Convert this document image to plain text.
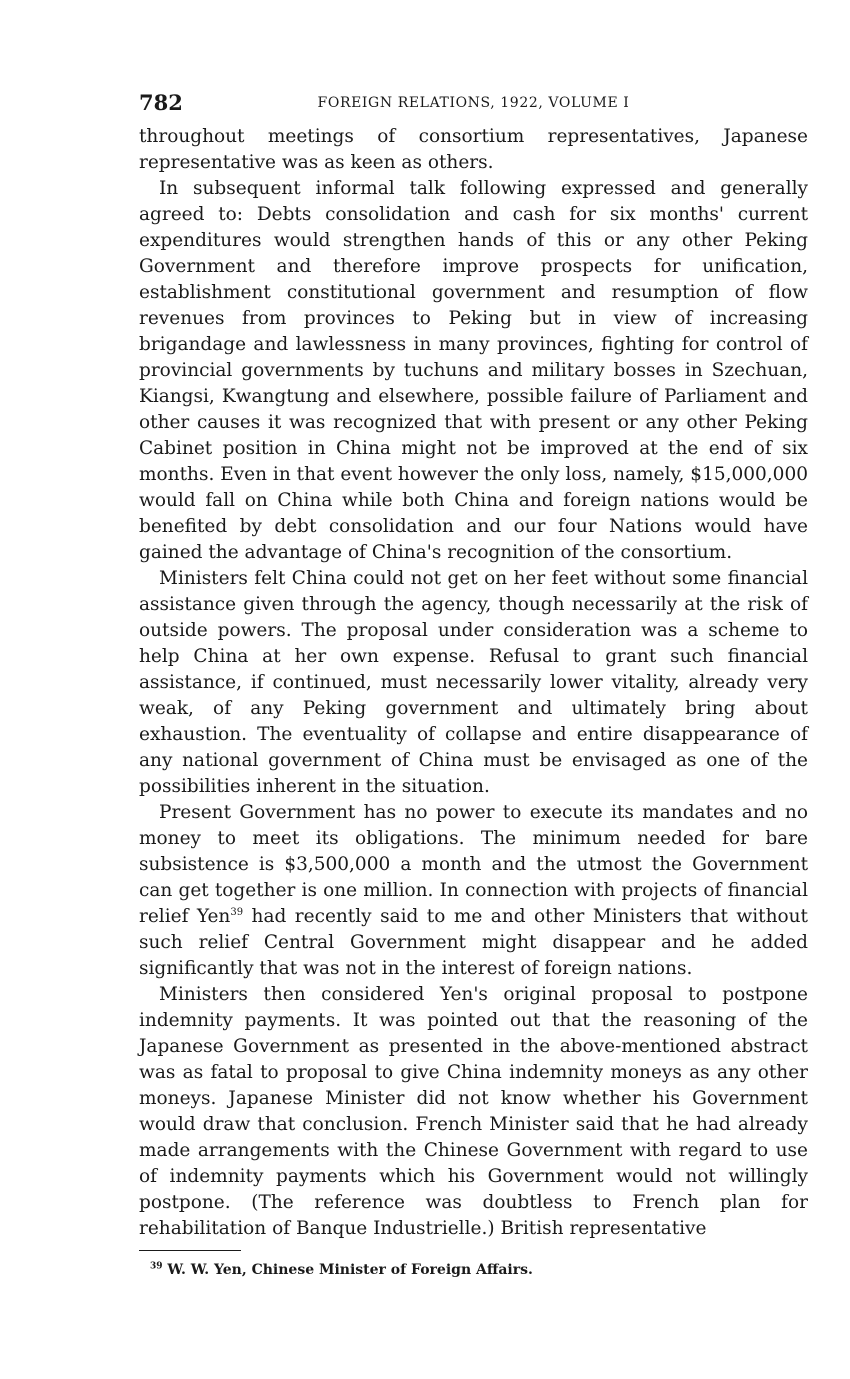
782	FOREIGN RELATIONS, 1922, VOLUME I

throughout meetings of consortium representatives, Japanese representative was as keen as others.

In subsequent informal talk following expressed and generally agreed to: Debts consolidation and cash for six months' current expenditures would strengthen hands of this or any other Peking Government and therefore improve prospects for unification, establishment constitutional government and resumption of flow revenues from provinces to Peking but in view of increasing brigandage and lawlessness in many provinces, fighting for control of provincial governments by tuchuns and military bosses in Szechuan, Kiangsi, Kwangtung and elsewhere, possible failure of Parliament and other causes it was recognized that with present or any other Peking Cabinet position in China might not be improved at the end of six months. Even in that event however the only loss, namely, $15,000,000 would fall on China while both China and foreign nations would be benefited by debt consolidation and our four Nations would have gained the advantage of China's recognition of the consortium.

Ministers felt China could not get on her feet without some financial assistance given through the agency, though necessarily at the risk of outside powers. The proposal under consideration was a scheme to help China at her own expense. Refusal to grant such financial assistance, if continued, must necessarily lower vitality, already very weak, of any Peking government and ultimately bring about exhaustion. The eventuality of collapse and entire disappearance of any national government of China must be envisaged as one of the possibilities inherent in the situation.

Present Government has no power to execute its mandates and no money to meet its obligations. The minimum needed for bare subsistence is $3,500,000 a month and the utmost the Government can get together is one million. In connection with projects of financial relief Yen$^{39}$ had recently said to me and other Ministers that without such relief Central Government might disappear and he added significantly that was not in the interest of foreign nations.

Ministers then considered Yen's original proposal to postpone indemnity payments. It was pointed out that the reasoning of the Japanese Government as presented in the above-mentioned abstract was as fatal to proposal to give China indemnity moneys as any other moneys. Japanese Minister did not know whether his Government would draw that conclusion. French Minister said that he had already made arrangements with the Chinese Government with regard to use of indemnity payments which his Government would not willingly postpone. (The reference was doubtless to French plan for rehabilitation of Banque Industrielle.) British representative

$^{39}$ W. W. Yen, Chinese Minister of Foreign Affairs.
